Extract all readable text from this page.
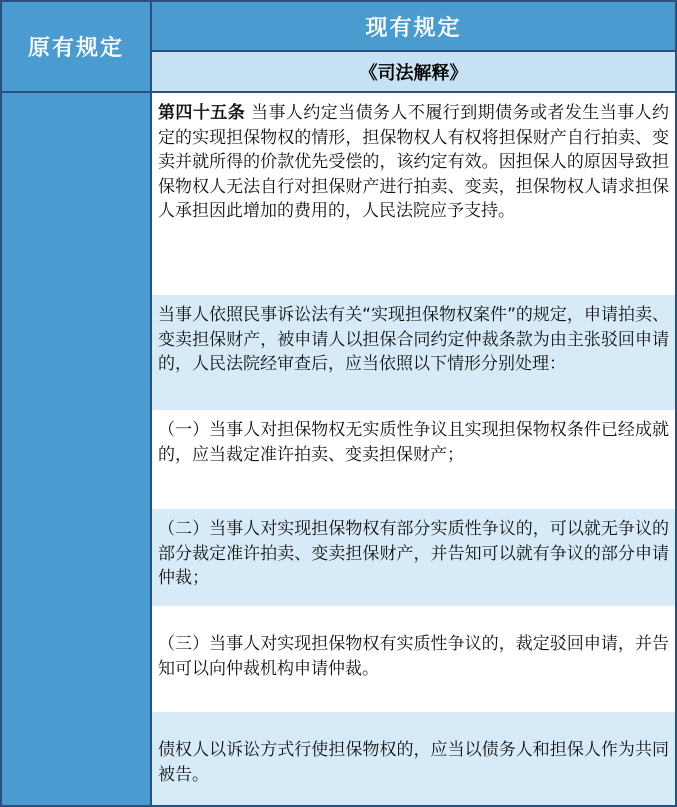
原有规定
现有规定
《司法解释》
第四十五条 当事人约定当债务人不履行到期债务或者发生当事人约定的实现担保物权的情形，担保物权人有权将担保财产自行拍卖、变卖并就所得的价款优先受偿的，该约定有效。因担保人的原因导致担保物权人无法自行对担保财产进行拍卖、变卖，担保物权人请求担保人承担因此增加的费用的，人民法院应予支持。
当事人依照民事诉讼法有关“实现担保物权案件”的规定，申请拍卖、变卖担保财产，被申请人以担保合同约定仲裁条款为由主张驳回申请的，人民法院经审查后，应当依照以下情形分别处理：
（一）当事人对担保物权无实质性争议且实现担保物权条件已经成就的，应当裁定准许拍卖、变卖担保财产；
（二）当事人对实现担保物权有部分实质性争议的，可以就无争议的部分裁定准许拍卖、变卖担保财产，并告知可以就有争议的部分申请仲裁；
（三）当事人对实现担保物权有实质性争议的，裁定驳回申请，并告知可以向仲裁机构申请仲裁。
债权人以诉讼方式行使担保物权的，应当以债务人和担保人作为共同被告。
